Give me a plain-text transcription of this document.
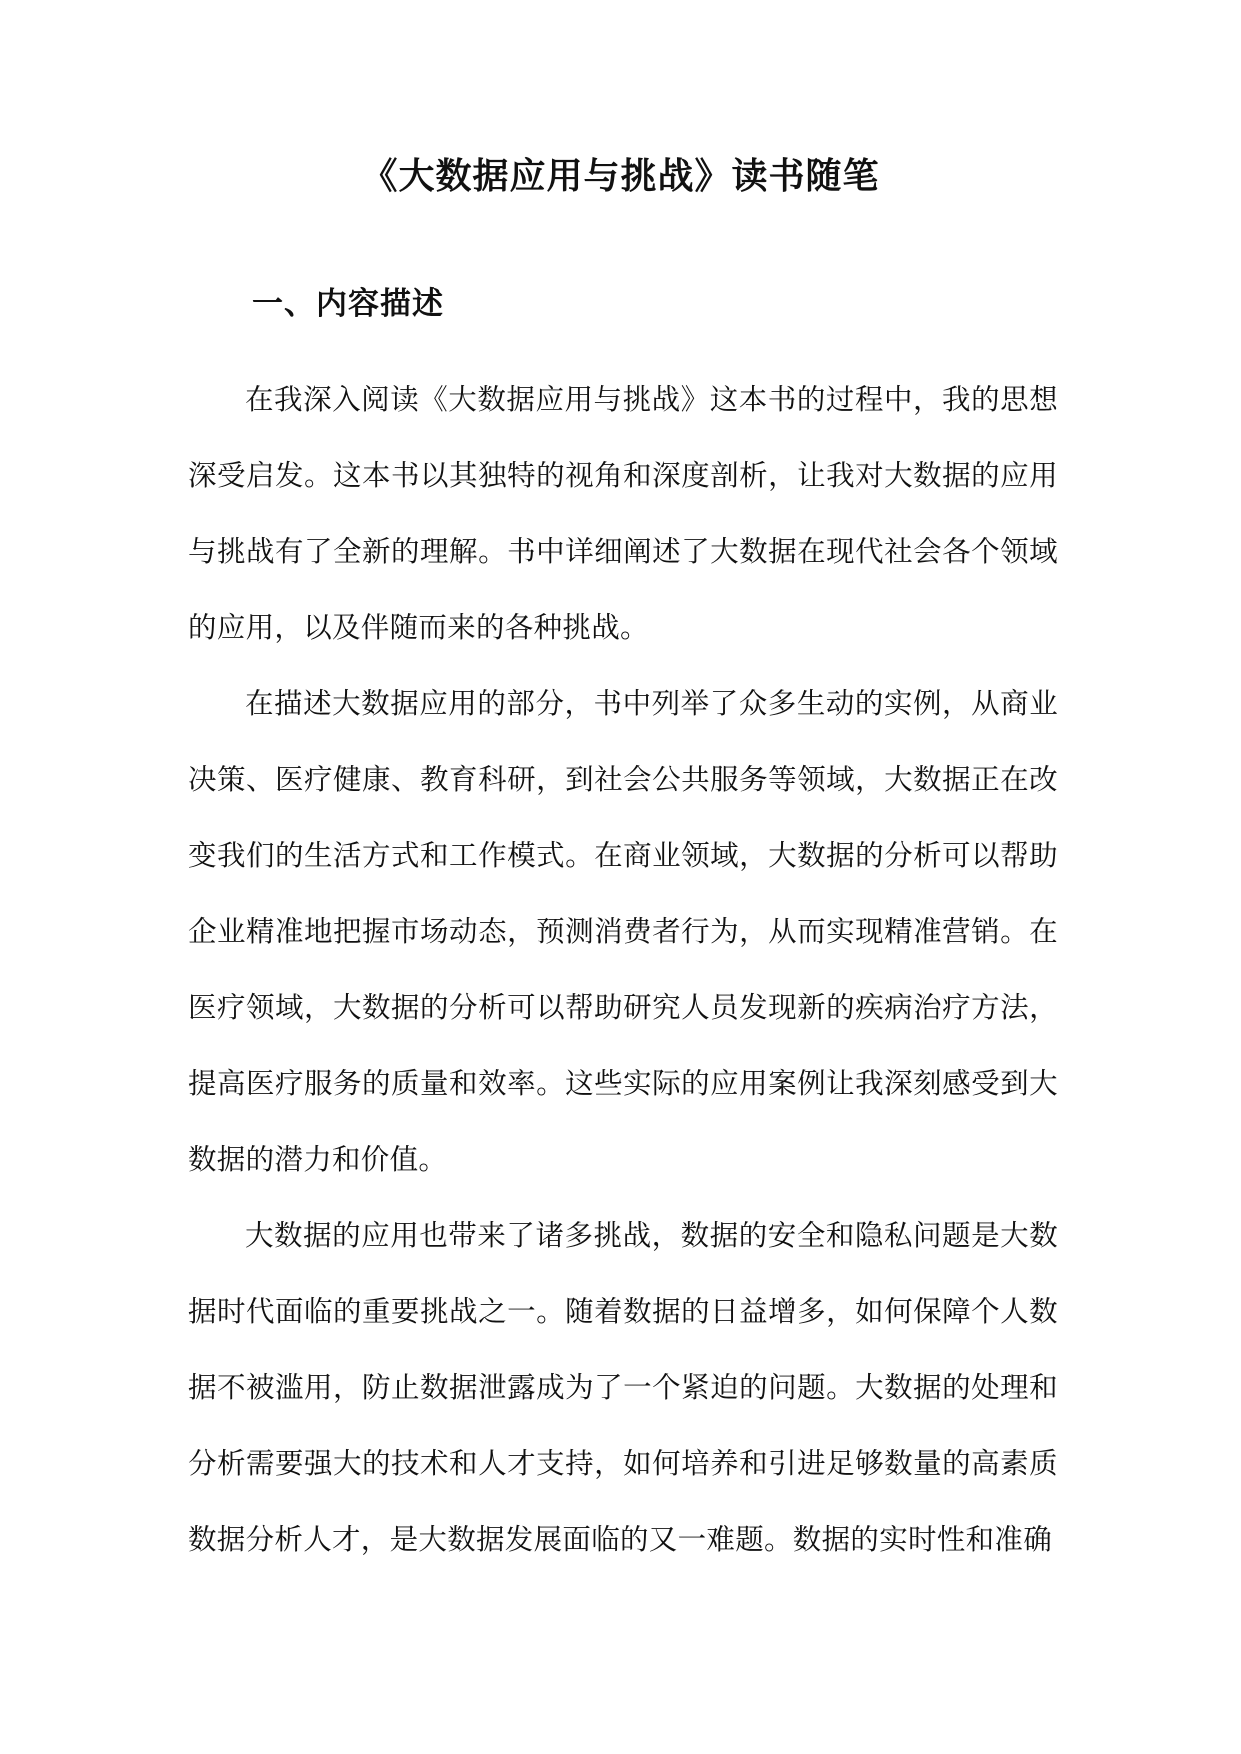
《大数据应用与挑战》读书随笔
一、内容描述

在我深入阅读《大数据应用与挑战》这本书的过程中，我的思想深受启发。这本书以其独特的视角和深度剖析，让我对大数据的应用与挑战有了全新的理解。书中详细阐述了大数据在现代社会各个领域的应用，以及伴随而来的各种挑战。

在描述大数据应用的部分，书中列举了众多生动的实例，从商业决策、医疗健康、教育科研，到社会公共服务等领域，大数据正在改变我们的生活方式和工作模式。在商业领域，大数据的分析可以帮助企业精准地把握市场动态，预测消费者行为，从而实现精准营销。在医疗领域，大数据的分析可以帮助研究人员发现新的疾病治疗方法，提高医疗服务的质量和效率。这些实际的应用案例让我深刻感受到大数据的潜力和价值。

大数据的应用也带来了诸多挑战，数据的安全和隐私问题是大数据时代面临的重要挑战之一。随着数据的日益增多，如何保障个人数据不被滥用，防止数据泄露成为了一个紧迫的问题。大数据的处理和分析需要强大的技术和人才支持，如何培养和引进足够数量的高素质数据分析人才，是大数据发展面临的又一难题。数据的实时性和准确
